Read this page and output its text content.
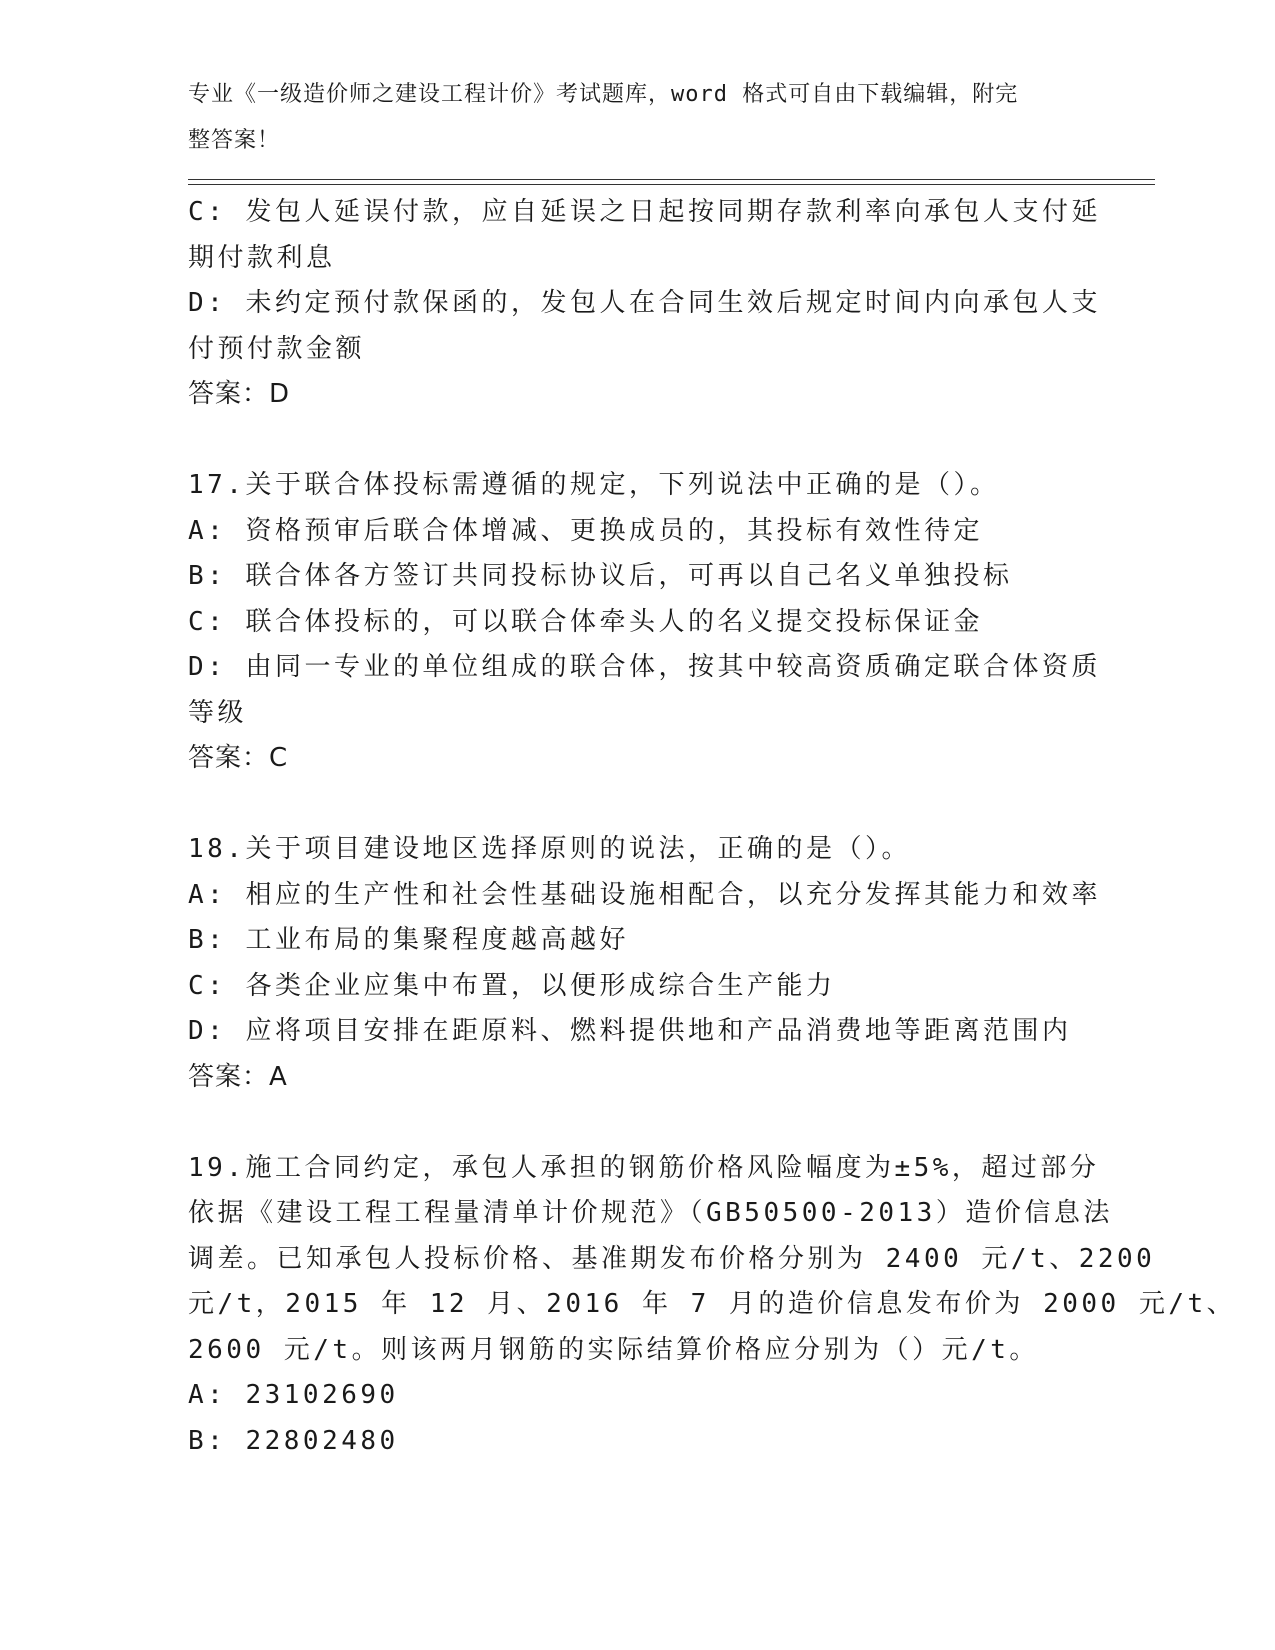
专业《一级造价师之建设工程计价》考试题库，word 格式可自由下载编辑，附完
整答案！
C: 发包人延误付款，应自延误之日起按同期存款利率向承包人支付延
期付款利息
D: 未约定预付款保函的，发包人在合同生效后规定时间内向承包人支
付预付款金额
答案：D
17.关于联合体投标需遵循的规定，下列说法中正确的是（）。
A: 资格预审后联合体增减、更换成员的，其投标有效性待定
B: 联合体各方签订共同投标协议后，可再以自己名义单独投标
C: 联合体投标的，可以联合体牵头人的名义提交投标保证金
D: 由同一专业的单位组成的联合体，按其中较高资质确定联合体资质
等级
答案：C
18.关于项目建设地区选择原则的说法，正确的是（）。
A: 相应的生产性和社会性基础设施相配合，以充分发挥其能力和效率
B: 工业布局的集聚程度越高越好
C: 各类企业应集中布置，以便形成综合生产能力
D: 应将项目安排在距原料、燃料提供地和产品消费地等距离范围内
答案：A
19.施工合同约定，承包人承担的钢筋价格风险幅度为±5%，超过部分
依据《建设工程工程量清单计价规范》（GB50500-2013）造价信息法
调差。已知承包人投标价格、基准期发布价格分别为 2400 元/t、2200
元/t，2015 年 12 月、2016 年 7 月的造价信息发布价为 2000 元/t、
2600 元/t。则该两月钢筋的实际结算价格应分别为（）元/t。
A: 23102690
B: 22802480
